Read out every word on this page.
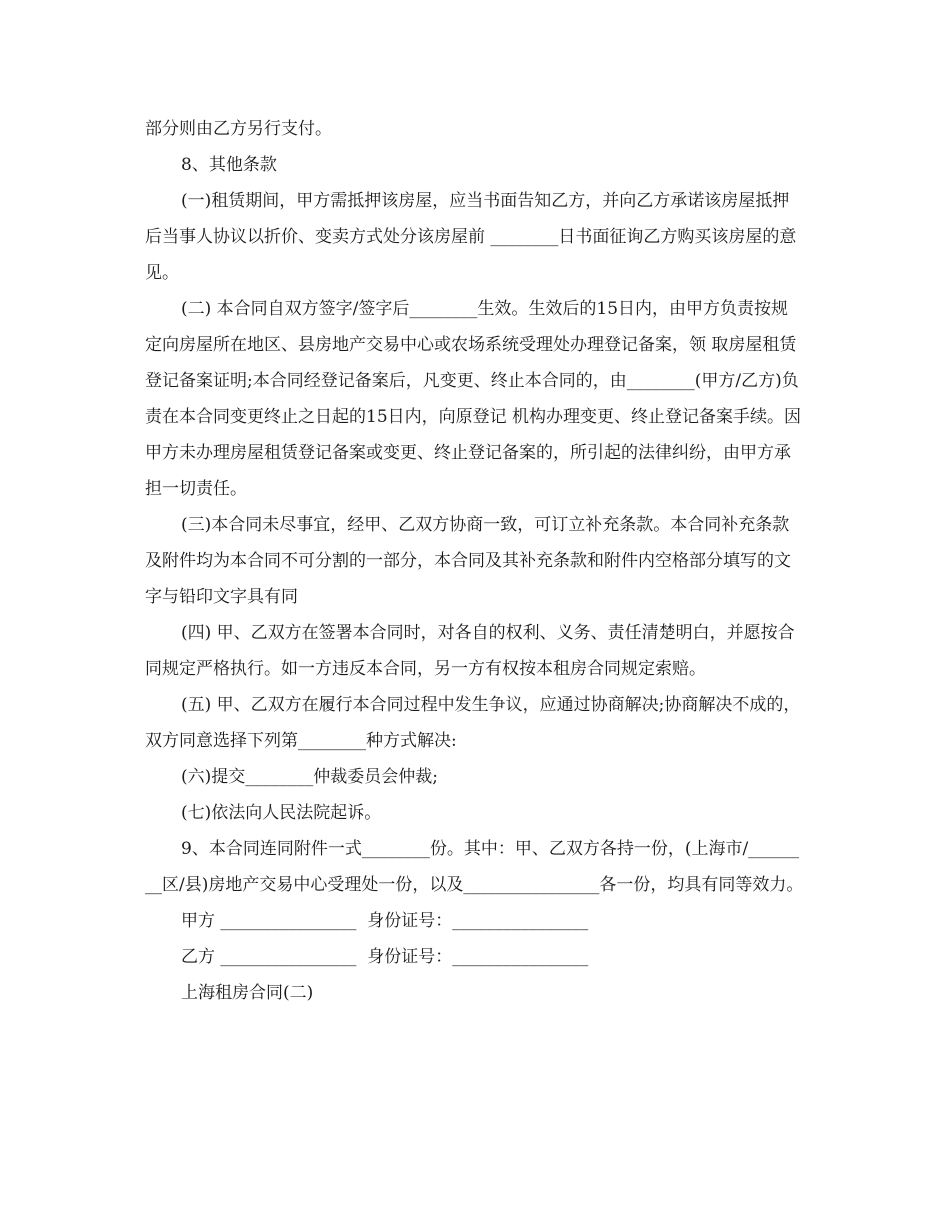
部分则由乙方另行支付。

8、其他条款

(一)租赁期间，甲方需抵押该房屋，应当书面告知乙方，并向乙方承诺该房屋抵押后当事人协议以折价、变卖方式处分该房屋前 ________日书面征询乙方购买该房屋的意见。

(二) 本合同自双方签字/签字后________生效。生效后的15日内，由甲方负责按规定向房屋所在地区、县房地产交易中心或农场系统受理处办理登记备案，领 取房屋租赁登记备案证明;本合同经登记备案后，凡变更、终止本合同的，由________(甲方/乙方)负责在本合同变更终止之日起的15日内，向原登记 机构办理变更、终止登记备案手续。因甲方未办理房屋租赁登记备案或变更、终止登记备案的，所引起的法律纠纷，由甲方承担一切责任。

(三)本合同未尽事宜，经甲、乙双方协商一致，可订立补充条款。本合同补充条款及附件均为本合同不可分割的一部分，本合同及其补充条款和附件内空格部分填写的文字与铅印文字具有同

(四) 甲、乙双方在签署本合同时，对各自的权利、义务、责任清楚明白，并愿按合同规定严格执行。如一方违反本合同，另一方有权按本租房合同规定索赔。

(五) 甲、乙双方在履行本合同过程中发生争议，应通过协商解决;协商解决不成的，双方同意选择下列第________种方式解决:

(六)提交________仲裁委员会仲裁;

(七)依法向人民法院起诉。

9、本合同连同附件一式________份。其中：甲、乙双方各持一份，(上海市/________区/县)房地产交易中心受理处一份，以及________________各一份，均具有同等效力。

甲方 ________________  身份证号：________________

乙方 ________________  身份证号：________________

上海租房合同(二)
